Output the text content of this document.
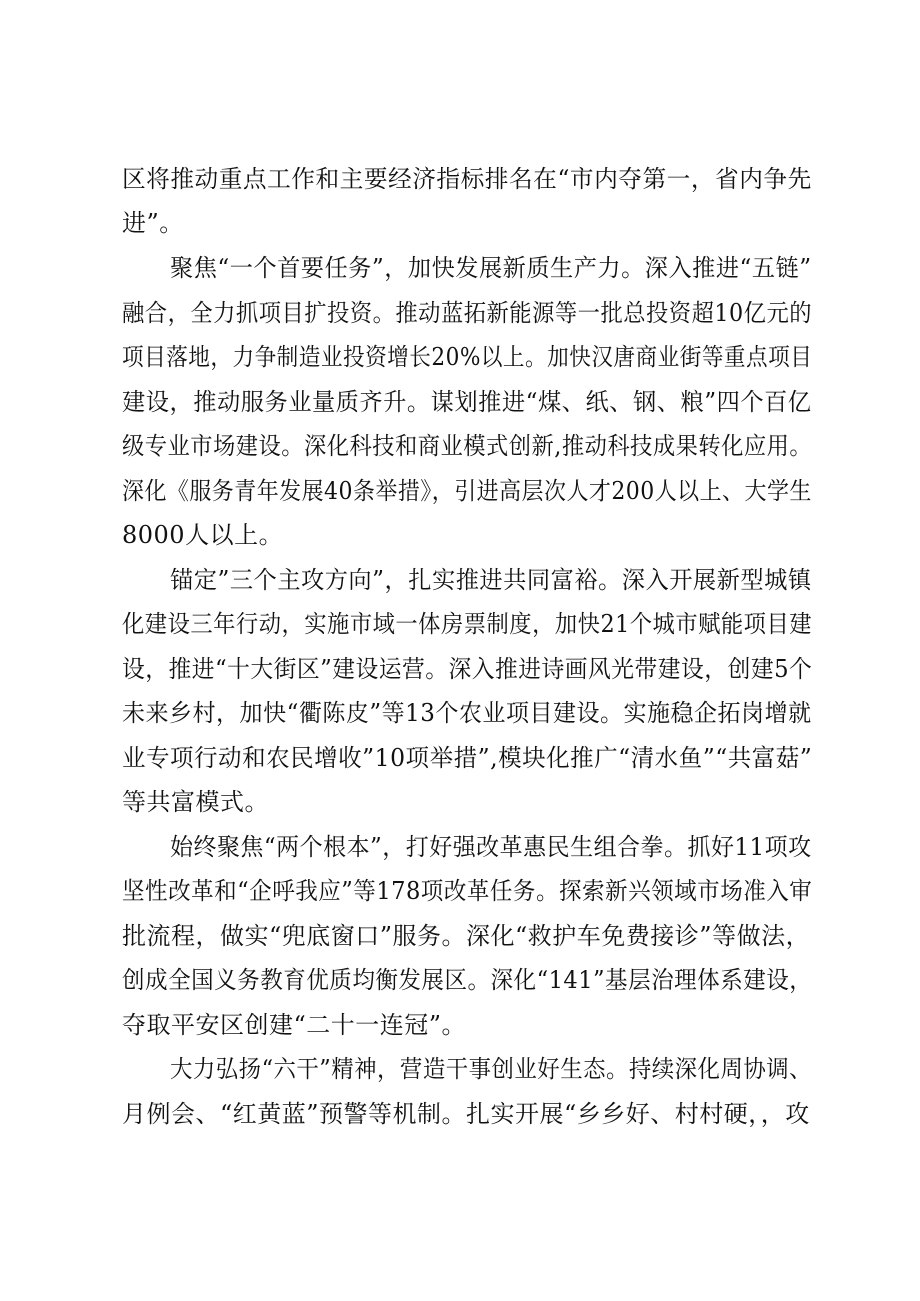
区将推动重点工作和主要经济指标排名在“市内夺第一，省内争先
进”。
聚焦“一个首要任务”，加快发展新质生产力。深入推进“五链”
融合，全力抓项目扩投资。推动蓝拓新能源等一批总投资超10亿元的
项目落地，力争制造业投资增长20%以上。加快汉唐商业街等重点项目
建设，推动服务业量质齐升。谋划推进“煤、纸、钢、粮”四个百亿
级专业市场建设。深化科技和商业模式创新,推动科技成果转化应用。
深化《服务青年发展40条举措》，引进高层次人才200人以上、大学生
8000人以上。
锚定”三个主攻方向”，扎实推进共同富裕。深入开展新型城镇
化建设三年行动，实施市域一体房票制度，加快21个城市赋能项目建
设，推进“十大街区”建设运营。深入推进诗画风光带建设，创建5个
未来乡村，加快“衢陈皮”等13个农业项目建设。实施稳企拓岗增就
业专项行动和农民增收”10项举措”,模块化推广“清水鱼”“共富菇”
等共富模式。
始终聚焦“两个根本”，打好强改革惠民生组合拳。抓好11项攻
坚性改革和“企呼我应”等178项改革任务。探索新兴领域市场准入审
批流程，做实“兜底窗口”服务。深化“救护车免费接诊”等做法，
创成全国义务教育优质均衡发展区。深化“141”基层治理体系建设，
夺取平安区创建“二十一连冠”。
大力弘扬“六干”精神，营造干事创业好生态。持续深化周协调、
月例会、“红黄蓝”预警等机制。扎实开展“乡乡好、村村硬，，攻
